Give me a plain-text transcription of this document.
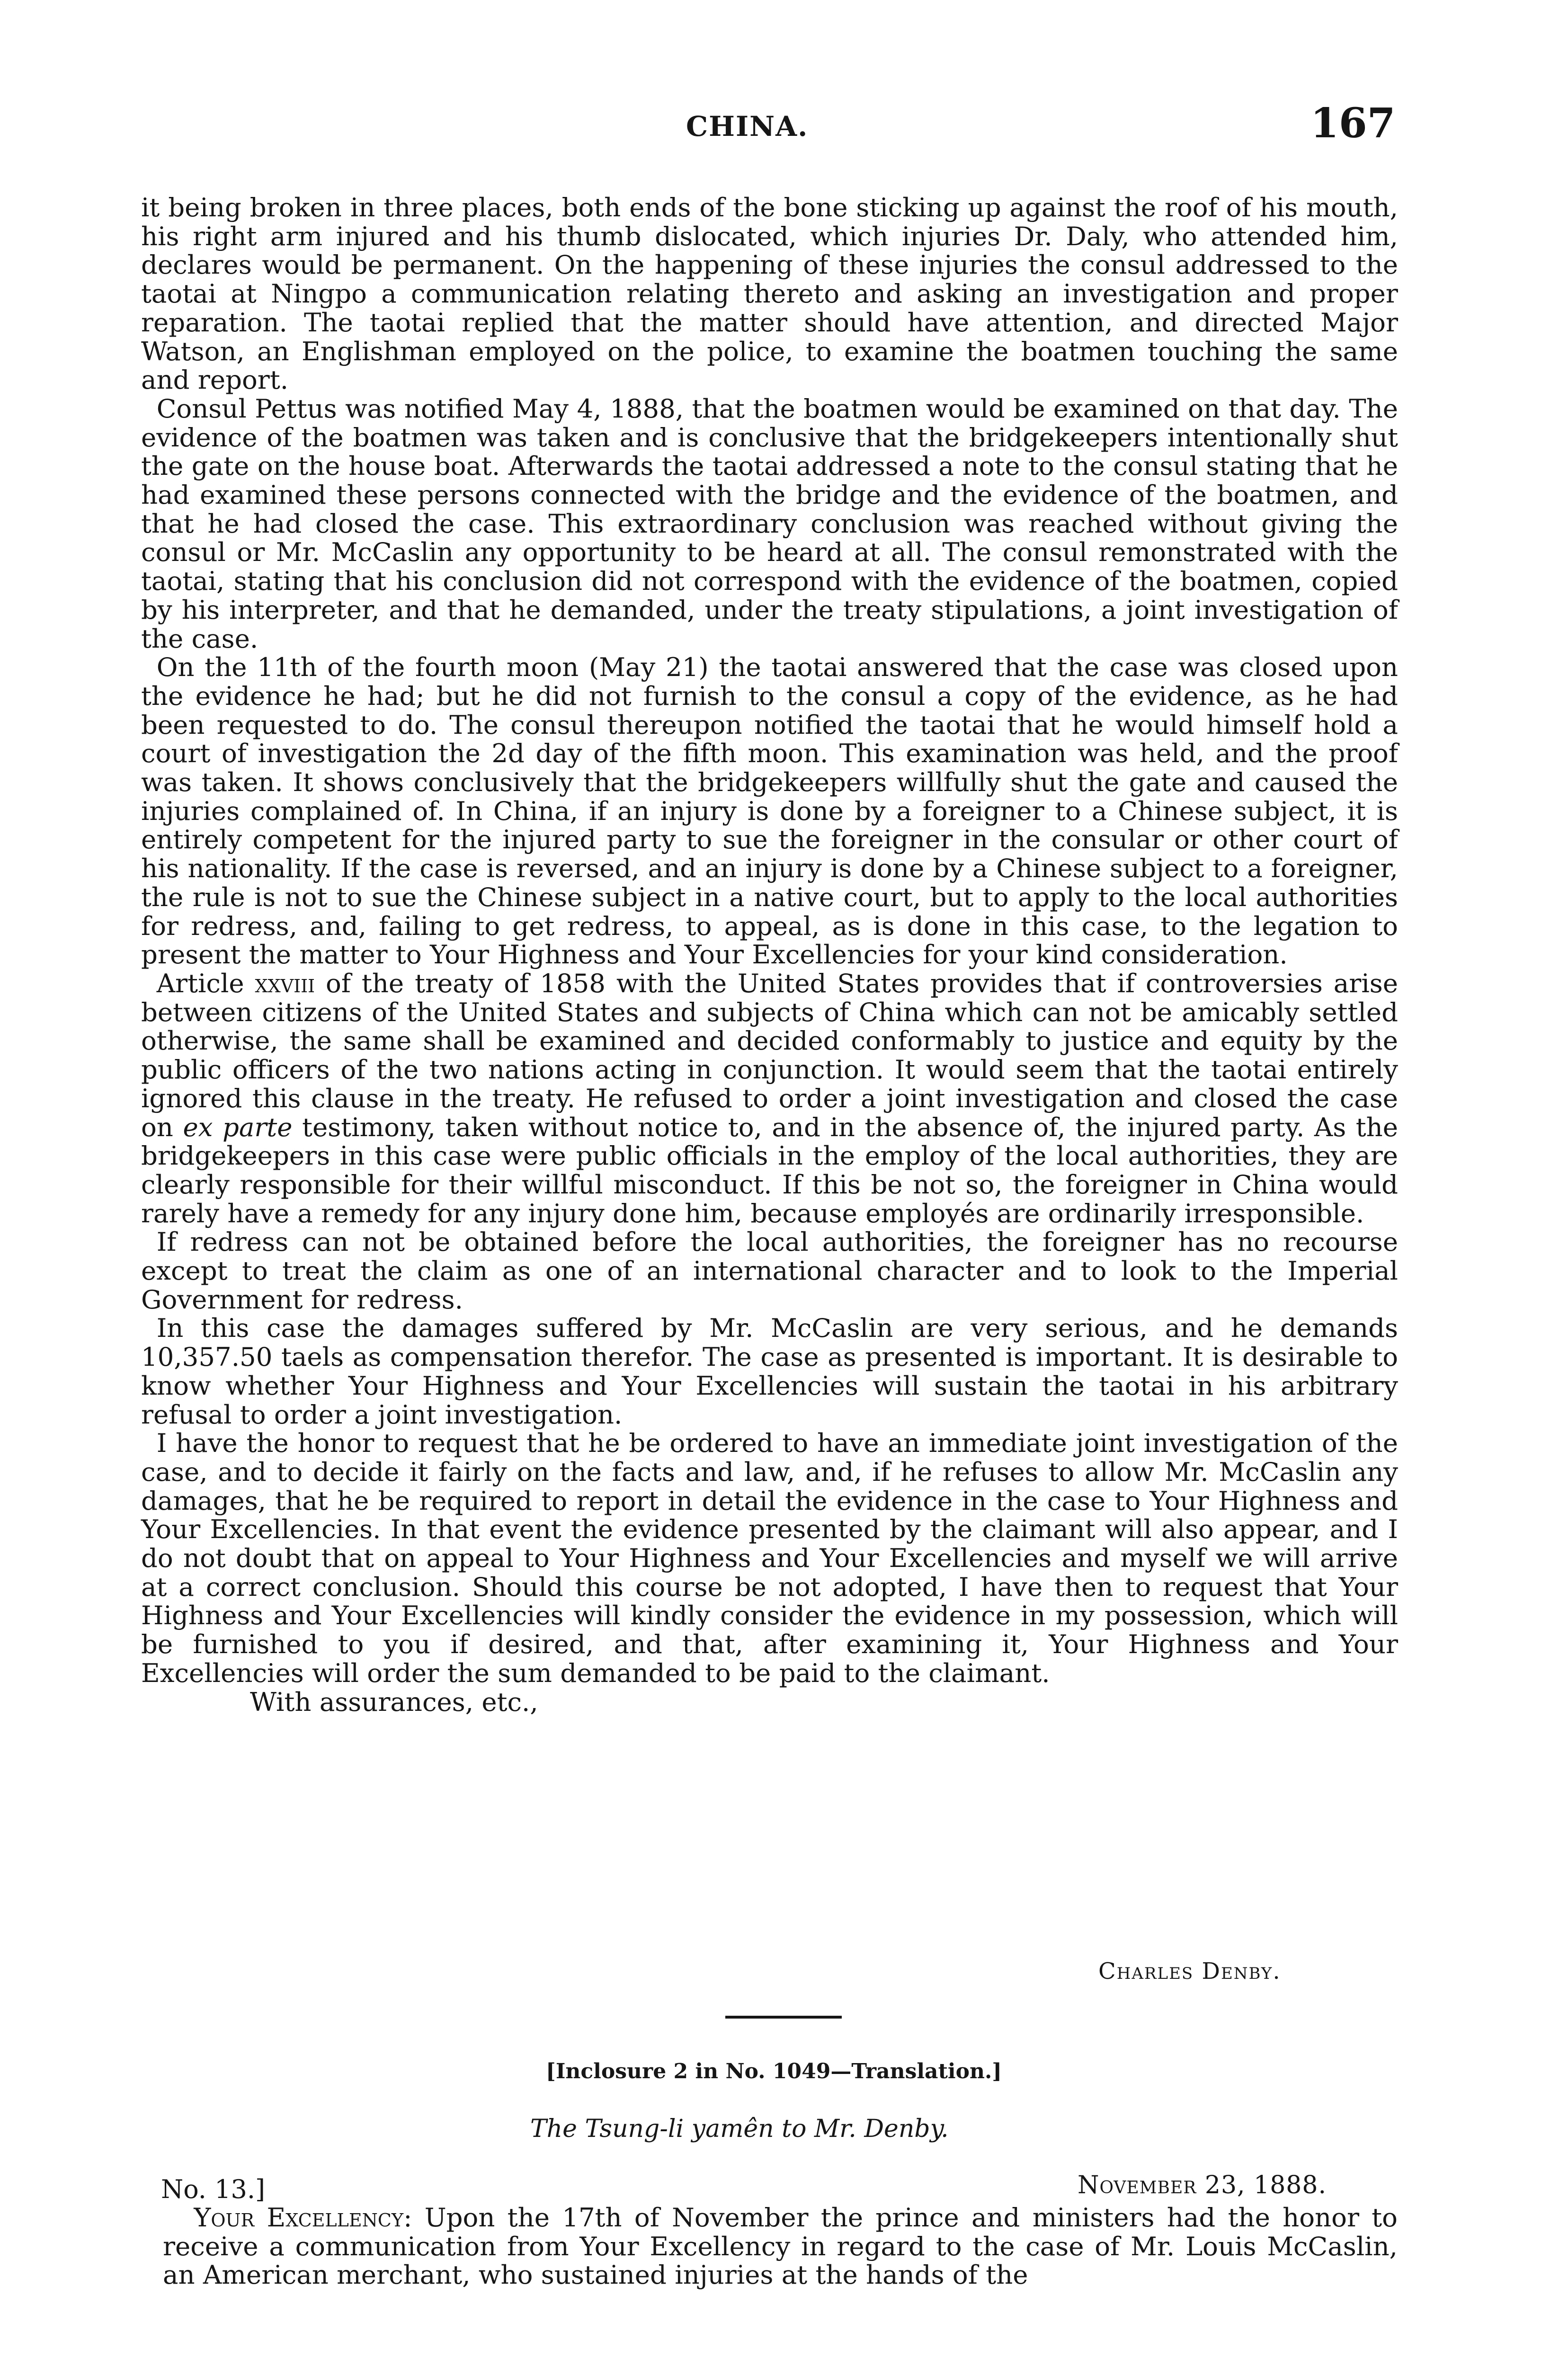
CHINA.	167

it being broken in three places, both ends of the bone sticking up against the roof of his mouth, his right arm injured and his thumb dislocated, which injuries Dr. Daly, who attended him, declares would be permanent. On the happening of these injuries the consul addressed to the taotai at Ningpo a communication relating thereto and asking an investigation and proper reparation. The taotai replied that the matter should have attention, and directed Major Watson, an Englishman employed on the police, to examine the boatmen touching the same and report.

Consul Pettus was notified May 4, 1888, that the boatmen would be examined on that day. The evidence of the boatmen was taken and is conclusive that the bridgekeepers intentionally shut the gate on the house boat. Afterwards the taotai addressed a note to the consul stating that he had examined these persons connected with the bridge and the evidence of the boatmen, and that he had closed the case. This extraordinary conclusion was reached without giving the consul or Mr. McCaslin any opportunity to be heard at all. The consul remonstrated with the taotai, stating that his conclusion did not correspond with the evidence of the boatmen, copied by his interpreter, and that he demanded, under the treaty stipulations, a joint investigation of the case.

On the 11th of the fourth moon (May 21) the taotai answered that the case was closed upon the evidence he had; but he did not furnish to the consul a copy of the evidence, as he had been requested to do. The consul thereupon notified the taotai that he would himself hold a court of investigation the 2d day of the fifth moon. This examination was held, and the proof was taken. It shows conclusively that the bridgekeepers willfully shut the gate and caused the injuries complained of. In China, if an injury is done by a foreigner to a Chinese subject, it is entirely competent for the injured party to sue the foreigner in the consular or other court of his nationality. If the case is reversed, and an injury is done by a Chinese subject to a foreigner, the rule is not to sue the Chinese subject in a native court, but to apply to the local authorities for redress, and, failing to get redress, to appeal, as is done in this case, to the legation to present the matter to Your Highness and Your Excellencies for your kind consideration.

Article xxviii of the treaty of 1858 with the United States provides that if controversies arise between citizens of the United States and subjects of China which can not be amicably settled otherwise, the same shall be examined and decided conformably to justice and equity by the public officers of the two nations acting in conjunction. It would seem that the taotai entirely ignored this clause in the treaty. He refused to order a joint investigation and closed the case on ex parte testimony, taken without notice to, and in the absence of, the injured party. As the bridgekeepers in this case were public officials in the employ of the local authorities, they are clearly responsible for their willful misconduct. If this be not so, the foreigner in China would rarely have a remedy for any injury done him, because employés are ordinarily irresponsible.

If redress can not be obtained before the local authorities, the foreigner has no recourse except to treat the claim as one of an international character and to look to the Imperial Government for redress.

In this case the damages suffered by Mr. McCaslin are very serious, and he demands 10,357.50 taels as compensation therefor. The case as presented is important. It is desirable to know whether Your Highness and Your Excellencies will sustain the taotai in his arbitrary refusal to order a joint investigation.

I have the honor to request that he be ordered to have an immediate joint investigation of the case, and to decide it fairly on the facts and law, and, if he refuses to allow Mr. McCaslin any damages, that he be required to report in detail the evidence in the case to Your Highness and Your Excellencies. In that event the evidence presented by the claimant will also appear, and I do not doubt that on appeal to Your Highness and Your Excellencies and myself we will arrive at a correct conclusion. Should this course be not adopted, I have then to request that Your Highness and Your Excellencies will kindly consider the evidence in my possession, which will be furnished to you if desired, and that, after examining it, Your Highness and Your Excellencies will order the sum demanded to be paid to the claimant.

With assurances, etc.,

Charles Denby.
[Inclosure 2 in No. 1049—Translation.]
The Tsung-li yamên to Mr. Denby.
No. 13.]	November 23, 1888.

Your Excellency: Upon the 17th of November the prince and ministers had the honor to receive a communication from Your Excellency in regard to the case of Mr. Louis McCaslin, an American merchant, who sustained injuries at the hands of the
